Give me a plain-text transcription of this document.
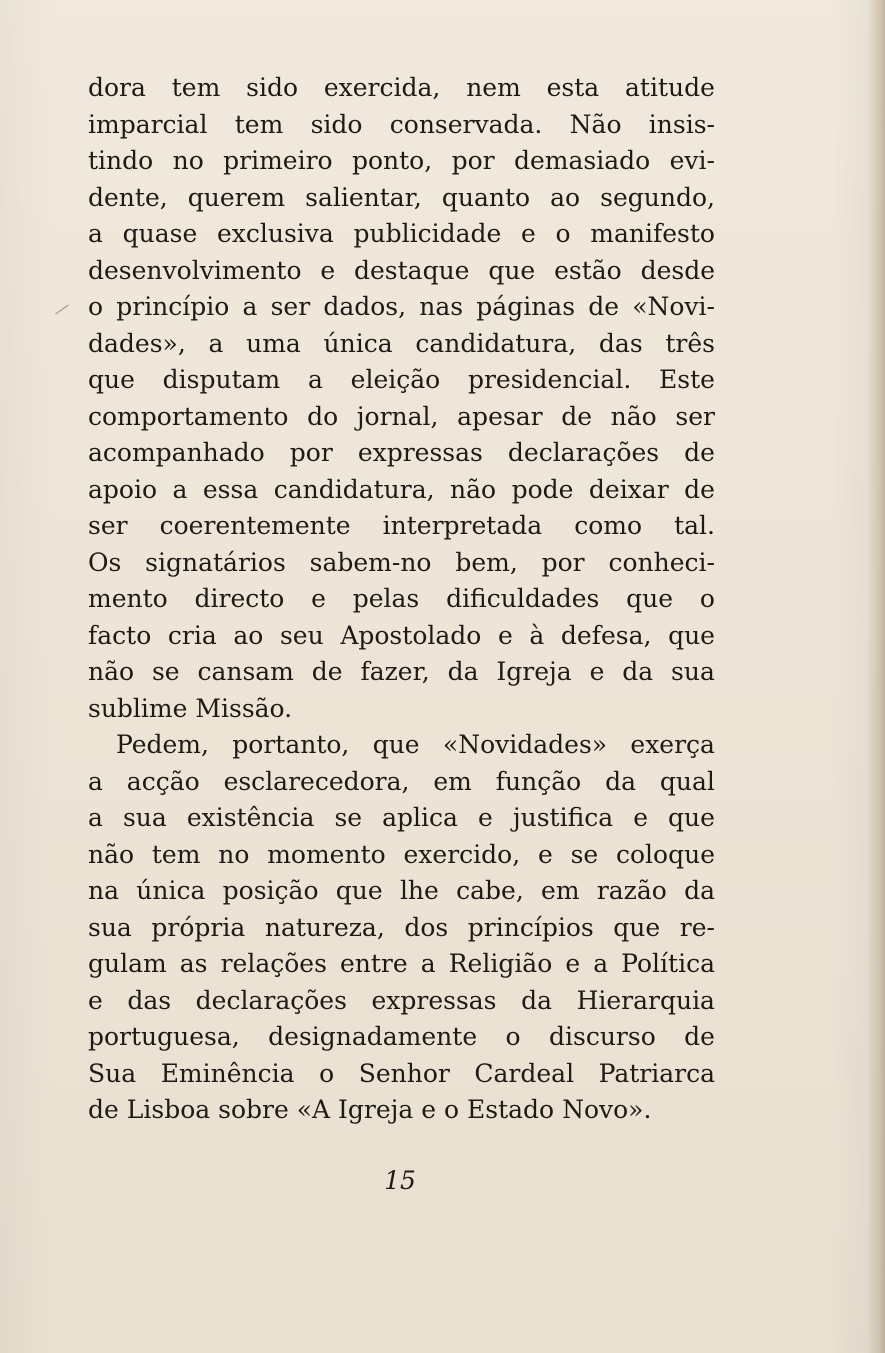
dora tem sido exercida, nem esta atitude
imparcial tem sido conservada. Não insis-
tindo no primeiro ponto, por demasiado evi-
dente, querem salientar, quanto ao segundo,
a quase exclusiva publicidade e o manifesto
desenvolvimento e destaque que estão desde
o princípio a ser dados, nas páginas de «Novi-
dades», a uma única candidatura, das três
que disputam a eleição presidencial. Este
comportamento do jornal, apesar de não ser
acompanhado por expressas declarações de
apoio a essa candidatura, não pode deixar de
ser coerentemente interpretada como tal.
Os signatários sabem-no bem, por conheci-
mento directo e pelas dificuldades que o
facto cria ao seu Apostolado e à defesa, que
não se cansam de fazer, da Igreja e da sua
sublime Missão.
Pedem, portanto, que «Novidades» exerça
a acção esclarecedora, em função da qual
a sua existência se aplica e justifica e que
não tem no momento exercido, e se coloque
na única posição que lhe cabe, em razão da
sua própria natureza, dos princípios que re-
gulam as relações entre a Religião e a Política
e das declarações expressas da Hierarquia
portuguesa, designadamente o discurso de
Sua Eminência o Senhor Cardeal Patriarca
de Lisboa sobre «A Igreja e o Estado Novo».
15
